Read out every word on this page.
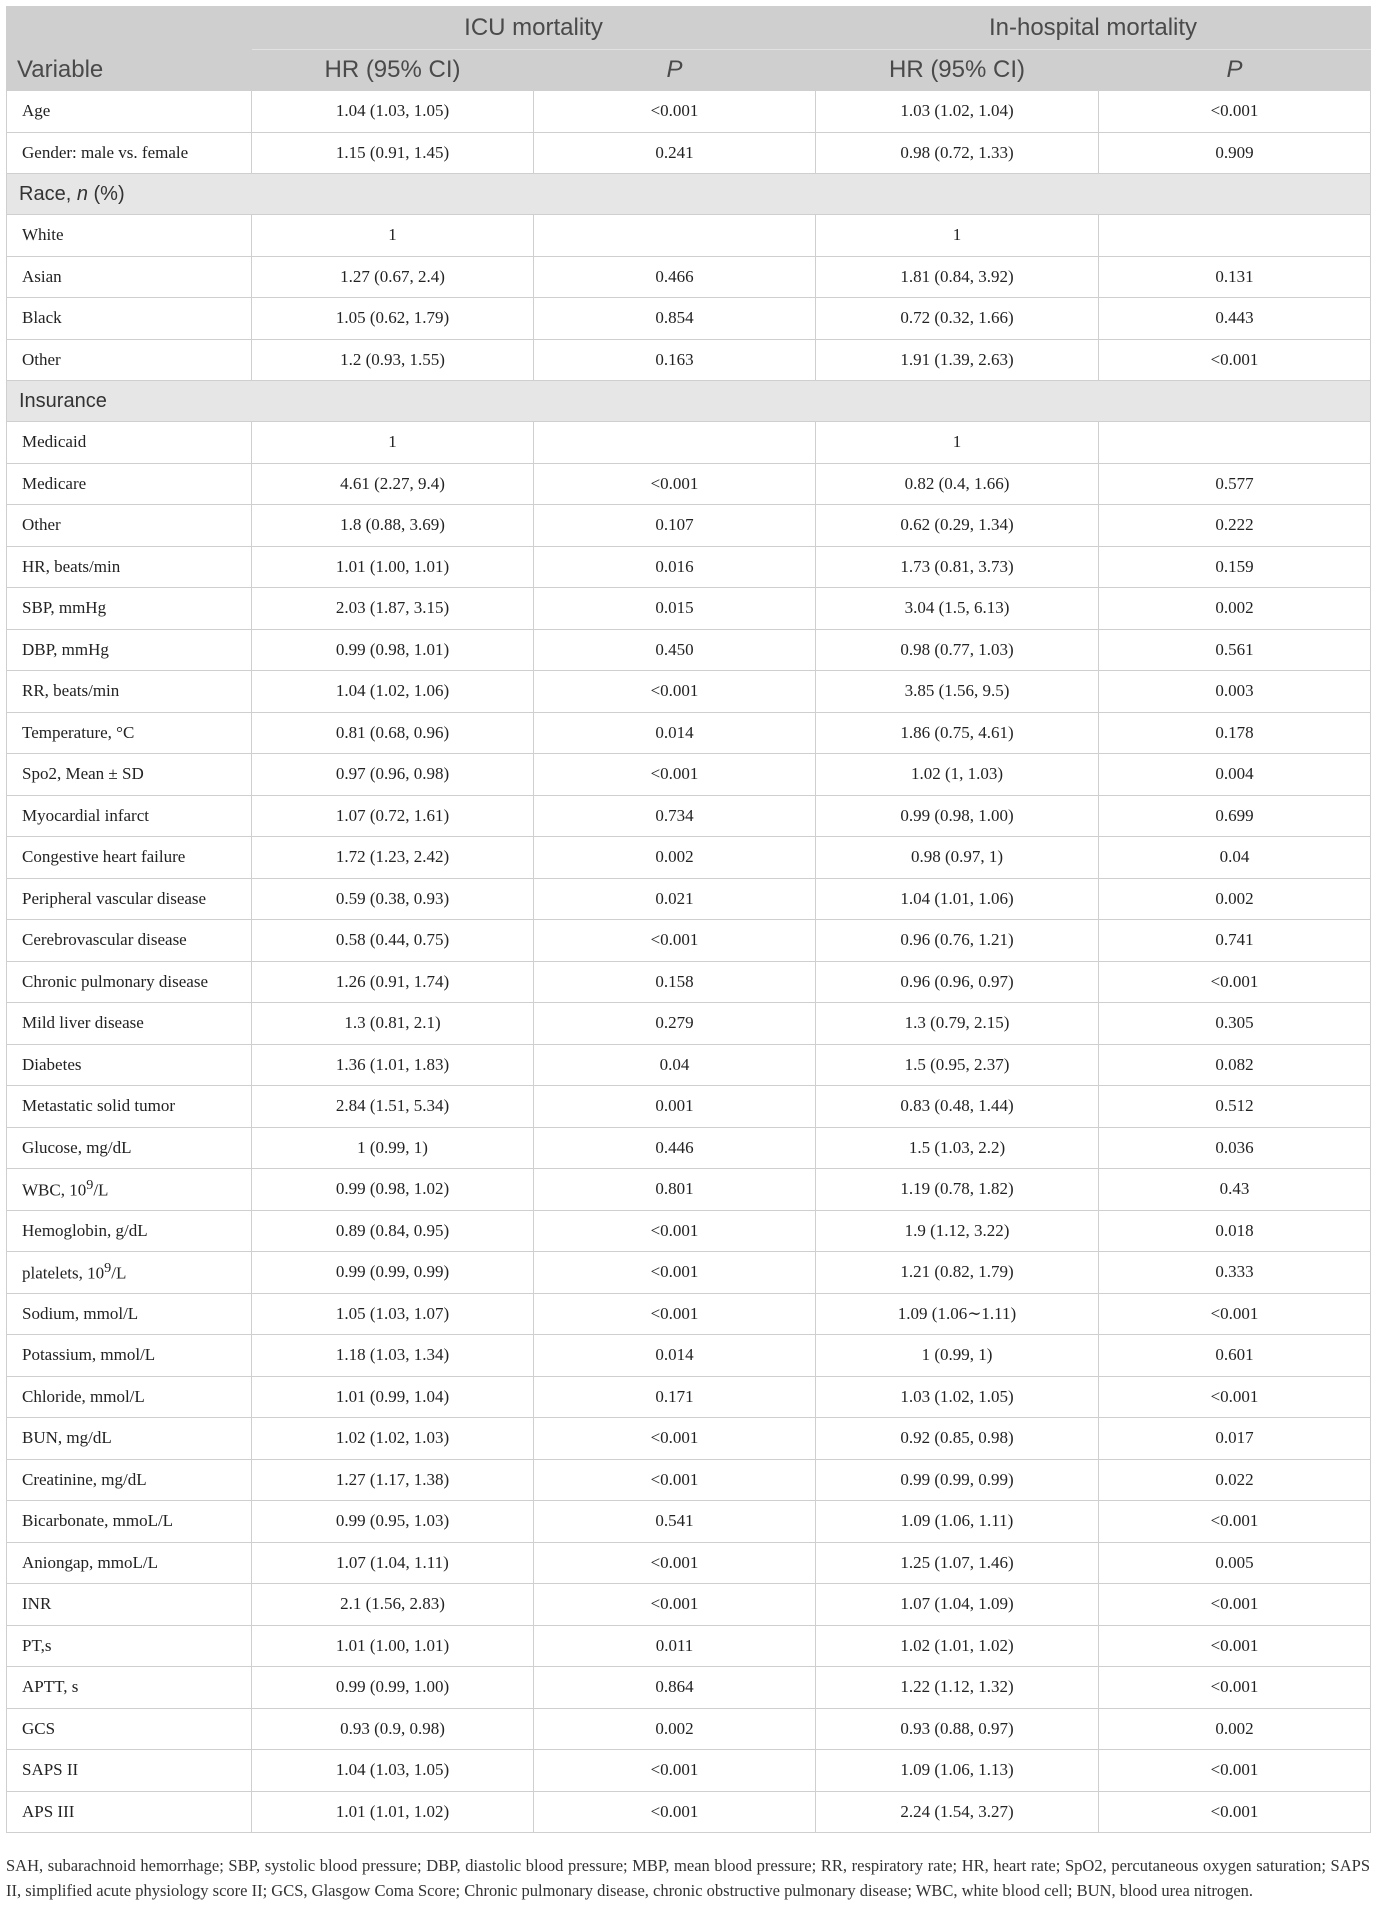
Variable	ICU mortality		In-hospital mortality	
	HR (95% CI)	P	HR (95% CI)	P
Age	1.04 (1.03, 1.05)	<0.001	1.03 (1.02, 1.04)	<0.001
Gender: male vs. female	1.15 (0.91, 1.45)	0.241	0.98 (0.72, 1.33)	0.909
Race, n (%)				
White	1		1	
Asian	1.27 (0.67, 2.4)	0.466	1.81 (0.84, 3.92)	0.131
Black	1.05 (0.62, 1.79)	0.854	0.72 (0.32, 1.66)	0.443
Other	1.2 (0.93, 1.55)	0.163	1.91 (1.39, 2.63)	<0.001
Insurance				
Medicaid	1		1	
Medicare	4.61 (2.27, 9.4)	<0.001	0.82 (0.4, 1.66)	0.577
Other	1.8 (0.88, 3.69)	0.107	0.62 (0.29, 1.34)	0.222
HR, beats/min	1.01 (1.00, 1.01)	0.016	1.73 (0.81, 3.73)	0.159
SBP, mmHg	2.03 (1.87, 3.15)	0.015	3.04 (1.5, 6.13)	0.002
DBP, mmHg	0.99 (0.98, 1.01)	0.450	0.98 (0.77, 1.03)	0.561
RR, beats/min	1.04 (1.02, 1.06)	<0.001	3.85 (1.56, 9.5)	0.003
Temperature, °C	0.81 (0.68, 0.96)	0.014	1.86 (0.75, 4.61)	0.178
Spo2, Mean ± SD	0.97 (0.96, 0.98)	<0.001	1.02 (1, 1.03)	0.004
Myocardial infarct	1.07 (0.72, 1.61)	0.734	0.99 (0.98, 1.00)	0.699
Congestive heart failure	1.72 (1.23, 2.42)	0.002	0.98 (0.97, 1)	0.04
Peripheral vascular disease	0.59 (0.38, 0.93)	0.021	1.04 (1.01, 1.06)	0.002
Cerebrovascular disease	0.58 (0.44, 0.75)	<0.001	0.96 (0.76, 1.21)	0.741
Chronic pulmonary disease	1.26 (0.91, 1.74)	0.158	0.96 (0.96, 0.97)	<0.001
Mild liver disease	1.3 (0.81, 2.1)	0.279	1.3 (0.79, 2.15)	0.305
Diabetes	1.36 (1.01, 1.83)	0.04	1.5 (0.95, 2.37)	0.082
Metastatic solid tumor	2.84 (1.51, 5.34)	0.001	0.83 (0.48, 1.44)	0.512
Glucose, mg/dL	1 (0.99, 1)	0.446	1.5 (1.03, 2.2)	0.036
WBC, $10^9/L$	0.99 (0.98, 1.02)	0.801	1.19 (0.78, 1.82)	0.43
Hemoglobin, g/dL	0.89 (0.84, 0.95)	<0.001	1.9 (1.12, 3.22)	0.018
platelets, $10^9/L$	0.99 (0.99, 0.99)	<0.001	1.21 (0.82, 1.79)	0.333
Sodium, mmol/L	1.05 (1.03, 1.07)	<0.001	1.09 (1.06∼1.11)	<0.001
Potassium, mmol/L	1.18 (1.03, 1.34)	0.014	1 (0.99, 1)	0.601
Chloride, mmol/L	1.01 (0.99, 1.04)	0.171	1.03 (1.02, 1.05)	<0.001
BUN, mg/dL	1.02 (1.02, 1.03)	<0.001	0.92 (0.85, 0.98)	0.017
Creatinine, mg/dL	1.27 (1.17, 1.38)	<0.001	0.99 (0.99, 0.99)	0.022
Bicarbonate, mmoL/L	0.99 (0.95, 1.03)	0.541	1.09 (1.06, 1.11)	<0.001
Aniongap, mmoL/L	1.07 (1.04, 1.11)	<0.001	1.25 (1.07, 1.46)	0.005
INR	2.1 (1.56, 2.83)	<0.001	1.07 (1.04, 1.09)	<0.001
PT,s	1.01 (1.00, 1.01)	0.011	1.02 (1.01, 1.02)	<0.001
APTT, s	0.99 (0.99, 1.00)	0.864	1.22 (1.12, 1.32)	<0.001
GCS	0.93 (0.9, 0.98)	0.002	0.93 (0.88, 0.97)	0.002
SAPS II	1.04 (1.03, 1.05)	<0.001	1.09 (1.06, 1.13)	<0.001
APS III	1.01 (1.01, 1.02)	<0.001	2.24 (1.54, 3.27)	<0.001
SAH, subarachnoid hemorrhage; SBP, systolic blood pressure; DBP, diastolic blood pressure; MBP, mean blood pressure; RR, respiratory rate; HR, heart rate; SpO2, percutaneous oxygen saturation; SAPS II, simplified acute physiology score II; GCS, Glasgow Coma Score; Chronic pulmonary disease, chronic obstructive pulmonary disease; WBC, white blood cell; BUN, blood urea nitrogen.
